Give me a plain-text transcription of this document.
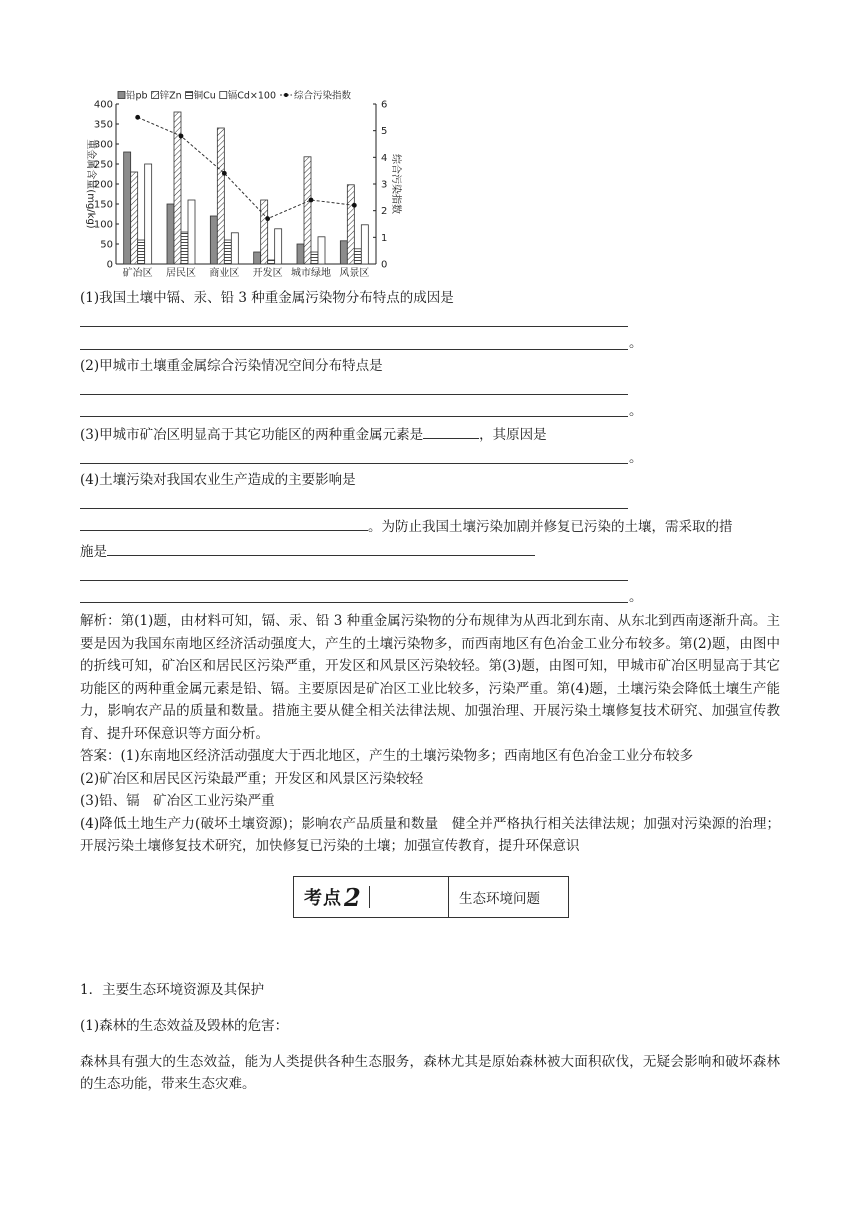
铅pb 锌Zn 铜Cu 镉Cd×100 综合污染指数
0
50
100
150
200
250
300
350
400
0
1
2
3
4
5
6
重金属含量(mg/kg)	综合污染指数
矿冶区 居民区 商业区 开发区 城市绿地 风景区

(1)我国土壤中镉、汞、铅 3 种重金属污染物分布特点的成因是

。

(2)甲城市土壤重金属综合污染情况空间分布特点是

。

(3)甲城市矿冶区明显高于其它功能区的两种重金属元素是	，其原因是

。

(4)土壤污染对我国农业生产造成的主要影响是

。为防止我国土壤污染加剧并修复已污染的土壤，需采取的措

施是

。

解析：第(1)题，由材料可知，镉、汞、铅 3 种重金属污染物的分布规律为从西北到东南、从东北到西南逐渐升高。主要是因为我国东南地区经济活动强度大，产生的土壤污染物多，而西南地区有色冶金工业分布较多。第(2)题，由图中的折线可知，矿冶区和居民区污染严重，开发区和风景区污染较轻。第(3)题，由图可知，甲城市矿冶区明显高于其它功能区的两种重金属元素是铅、镉。主要原因是矿冶区工业比较多，污染严重。第(4)题，土壤污染会降低土壤生产能力，影响农产品的质量和数量。措施主要从健全相关法律法规、加强治理、开展污染土壤修复技术研究、加强宣传教育、提升环保意识等方面分析。

答案：(1)东南地区经济活动强度大于西北地区，产生的土壤污染物多；西南地区有色冶金工业分布较多

(2)矿冶区和居民区污染最严重；开发区和风景区污染较轻

(3)铅、镉　矿冶区工业污染严重

(4)降低土地生产力(破坏土壤资源)；影响农产品质量和数量　健全并严格执行相关法律法规；加强对污染源的治理；开展污染土壤修复技术研究，加快修复已污染的土壤；加强宣传教育，提升环保意识

考点 2	生态环境问题

1．主要生态环境资源及其保护

(1)森林的生态效益及毁林的危害：

森林具有强大的生态效益，能为人类提供各种生态服务，森林尤其是原始森林被大面积砍伐，无疑会影响和破坏森林的生态功能，带来生态灾难。
